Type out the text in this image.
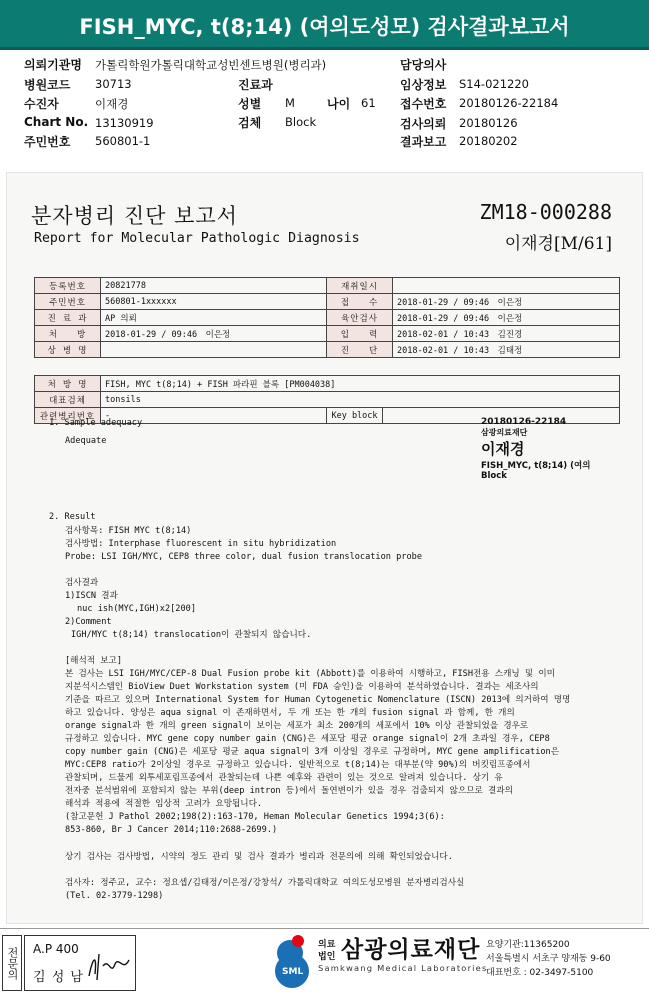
FISH_MYC, t(8;14) (여의도성모) 검사결과보고서
의뢰기관명 가톨릭학원가톨릭대학교성빈센트병원(병리과)	담당의사
병원코드 30713	진료과	임상정보 S14-021220
수진자	이재경	성별 M	나이 61 접수번호 20180126-22184
Chart No. 13130919	검체 Block	검사의뢰 20180126
주민번호 560801-1	결과보고 20180202
분자병리 진단 보고서
Report for Molecular Pathologic Diagnosis
ZM18-000288
이재경[M/61]
등록번호	20821778	재취일시	
주민번호	560801-1xxxxxx	접　　수	2018-01-29 / 09:46　이은정
진 료 과	AP 의뢰	육안검사	2018-01-29 / 09:46　이은정
처　　방	2018-01-29 / 09:46　이은정	입　　력	2018-02-01 / 10:43　김진경
상 병 명		진　　단	2018-02-01 / 10:43　김태정
처 방 명	FISH, MYC t(8;14) + FISH 파라핀 블록 [PM004038]		
대표검체	tonsils		
관련병리번호	-	Key block	
20180126-22184
삼광의료재단
이재경
FISH_MYC, t(8;14) (여의
Block
1. Sample adequacy
Adequate
2. Result
검사항목: FISH MYC t(8;14)
검사방법: Interphase fluorescent in situ hybridization
Probe: LSI IGH/MYC, CEP8 three color, dual fusion translocation probe
검사결과
1)ISCN 결과
nuc ish(MYC,IGH)x2[200]
2)Comment
IGH/MYC t(8;14) translocation이 관찰되지 않습니다.
[해석적 보고]
본 검사는 LSI IGH/MYC/CEP-8 Dual Fusion probe kit (Abbott)를 이용하여 시행하고, FISH전용 스캐닝 및 이미
지분석시스템인 BioView Duet Workstation system (미 FDA 승인)을 이용하여 분석하였습니다. 결과는 세조사의
기준을 따르고 있으며 International System for Human Cytogenetic Nomenclature (ISCN) 2013에 의거하여 명명
하고 있습니다. 양성은 aqua signal 이 존재하면서, 두 개 또는 한 개의 fusion signal 과 함께, 한 개의
orange signal과 한 개의 green signal이 보이는 세포가 최소 200개의 세포에서 10% 이상 관찰되었을 경우로
규정하고 있습니다. MYC gene copy number gain (CNG)은 세포당 평균 orange signal이 2개 초과일 경우, CEP8
copy number gain (CNG)은 세포당 평균 aqua signal이 3개 이상일 경우로 규정하며, MYC gene amplification은
MYC:CEP8 ratio가 2이상일 경우로 규정하고 있습니다. 일반적으로 t(8;14)는 대부분(약 90%)의 버킷림프종에서
관찰되며, 드물게 외투세포림프종에서 관찰되는데 나쁜 예후와 관련이 있는 것으로 알려져 있습니다. 상기 유
전자중 분석범위에 포함되지 않는 부위(deep intron 등)에서 돌연변이가 있을 경우 검출되지 않으므로 결과의
해석과 적용에 적절한 임상적 고려가 요망됩니다.
(참고문헌 J Pathol 2002;198(2):163-170, Heman Molecular Genetics 1994;3(6):
853-860, Br J Cancer 2014;110:2688-2699.)
상기 검사는 검사방법, 시약의 정도 관리 및 검사 결과가 병리과 전문의에 의해 확인되었습니다.
검사자: 정주교, 교수: 정요셉/김태정/이은정/강창석/ 가톨릭대학교 여의도성모병원 분자병리검사실
(Tel. 02-3779-1298)
전문의 A.P 400
김 성 남	SML
의료
법인 삼광의료재단
Samkwang Medical Laboratories
요양기관:11365200
서울특별시 서초구 양재동 9-60
대표번호 : 02-3497-5100
